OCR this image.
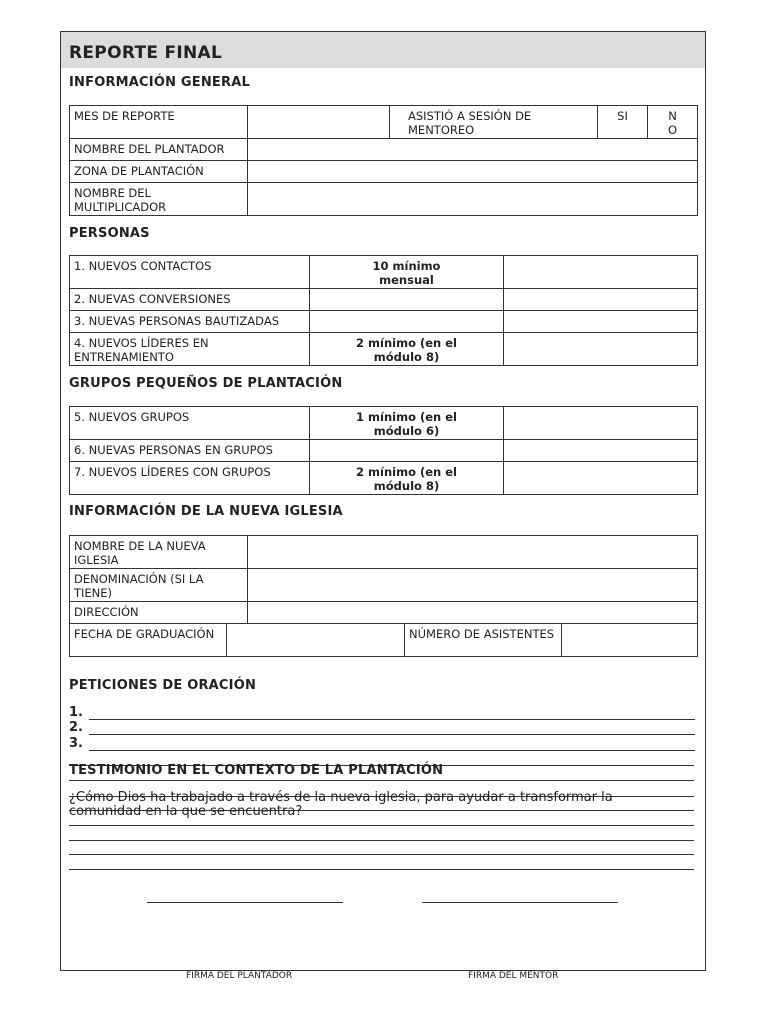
REPORTE FINAL
INFORMACIÓN GENERAL
MES DE REPORTE		ASISTIÓ A SESIÓN DE MENTOREO	SI	N O
NOMBRE DEL PLANTADOR				
ZONA DE PLANTACIÓN				
NOMBRE DEL MULTIPLICADOR				
PERSONAS
1. NUEVOS CONTACTOS	10 mínimo mensual	
2. NUEVAS CONVERSIONES		
3. NUEVAS PERSONAS BAUTIZADAS		
4. NUEVOS LÍDERES EN ENTRENAMIENTO	2 mínimo (en el módulo 8)	
GRUPOS PEQUEÑOS DE PLANTACIÓN
5. NUEVOS GRUPOS	1 mínimo (en el módulo 6)	
6. NUEVAS PERSONAS EN GRUPOS		
7. NUEVOS LÍDERES CON GRUPOS	2 mínimo (en el módulo 8)	
INFORMACIÓN DE LA NUEVA IGLESIA
NOMBRE DE LA NUEVA IGLESIA				
DENOMINACIÓN (SI LA TIENE)				
DIRECCIÓN				
FECHA DE GRADUACIÓN			NÚMERO DE ASISTENTES	
PETICIONES DE ORACIÓN
1.
2.
3.
TESTIMONIO EN EL CONTEXTO DE LA PLANTACIÓN
¿Cómo Dios ha trabajado a través de la nueva iglesia, para ayudar a transformar la comunidad en la que se encuentra?
FIRMA DEL PLANTADOR	FIRMA DEL MENTOR
